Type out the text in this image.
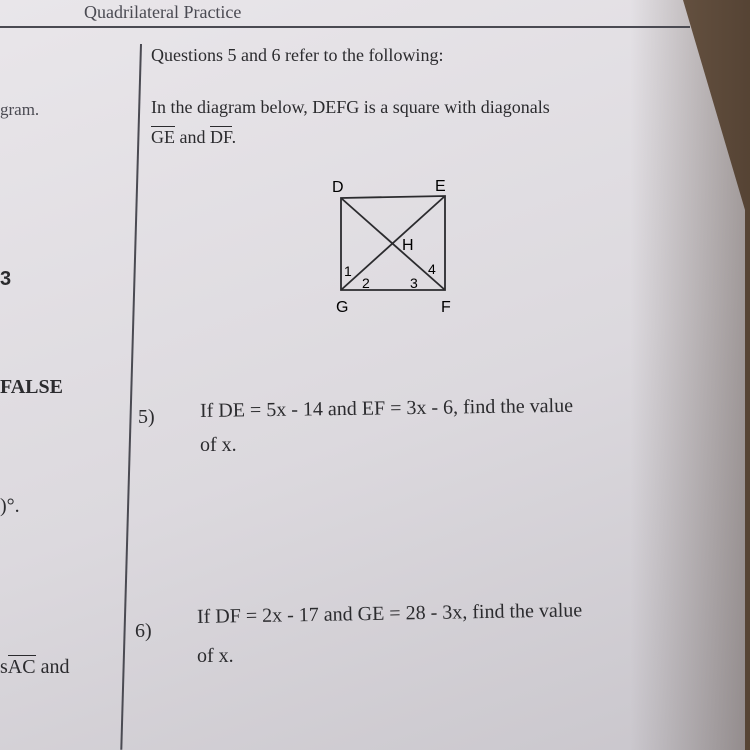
Quadrilateral Practice
gram.
3
FALSE
)°.
sAC and
Questions 5 and 6 refer to the following:
In the diagram below, DEFG is a square with diagonals
GE and DF.
D	E
G	F
H
1
2	3
4
5) If DE = 5x - 14 and EF = 3x - 6, find the value
of x.
6)
If DF = 2x - 17 and GE = 28 - 3x, find the value
of x.
